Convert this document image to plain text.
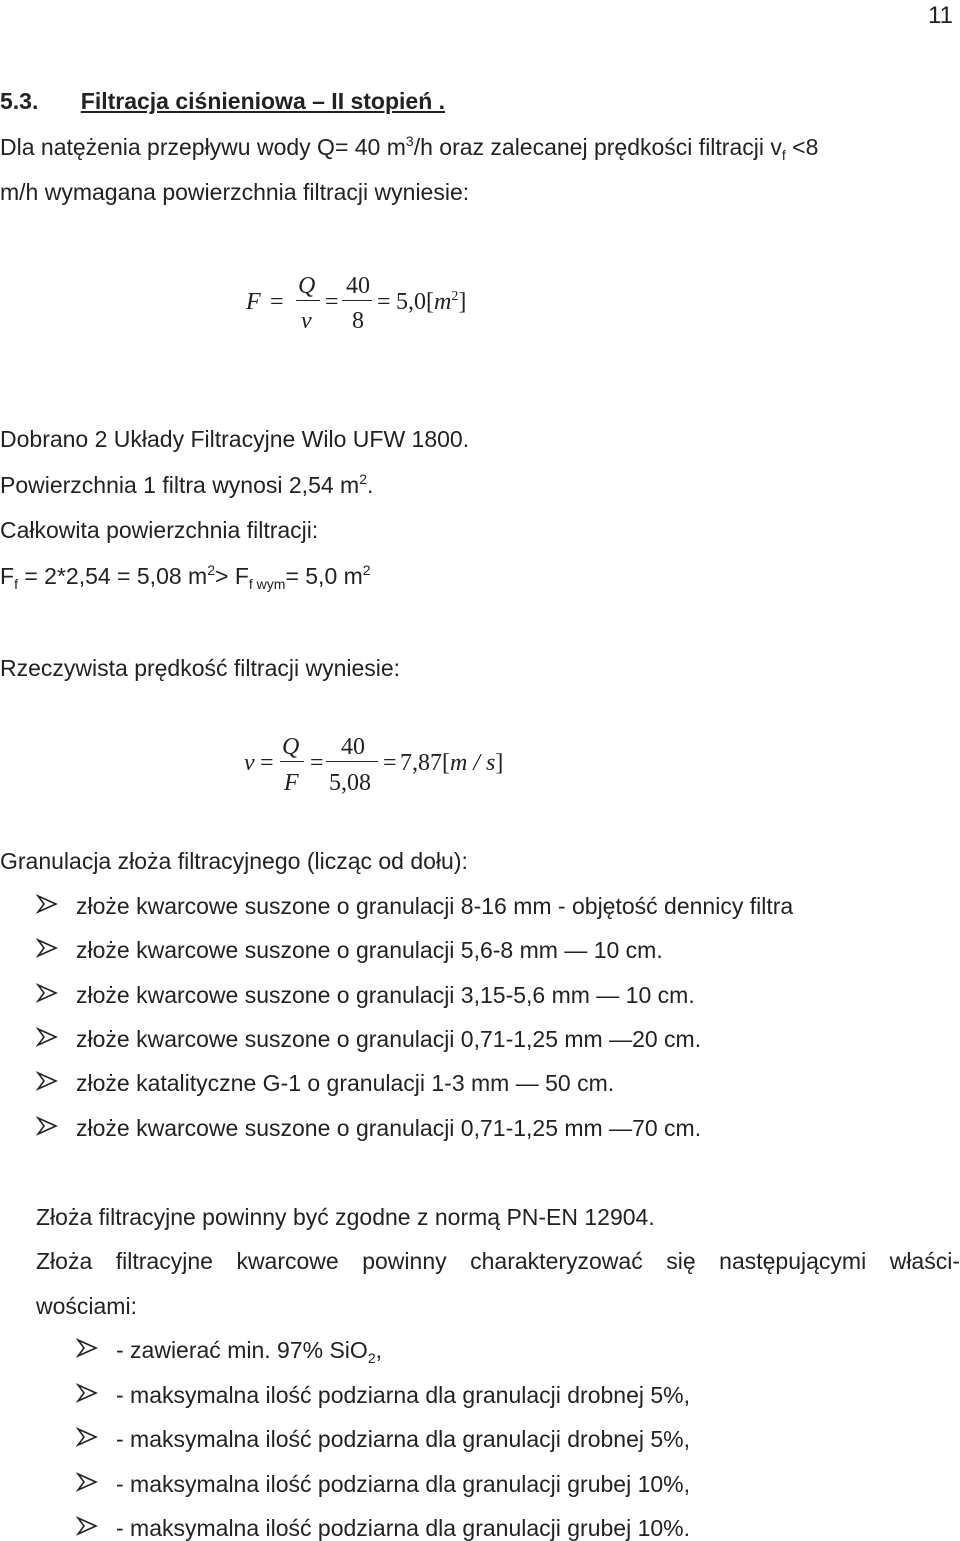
11
5.3. Filtracja ciśnieniowa – II stopień .
Dla natężenia przepływu wody Q= 40 $m^3/h$ oraz zalecanej prędkości filtracji $v_f <8$
m/h wymagana powierzchnia filtracji wyniesie:
F =
Q
v
=
40
8
= $5,0[m^2]$
Dobrano 2 Układy Filtracyjne Wilo UFW 1800.
Powierzchnia 1 filtra wynosi 2,54 $m^2$.
Całkowita powierzchnia filtracji:
$F_f = 2*2,54 = 5,08$ $m^2> F_{f wym}= 5,0$ $m^2$
Rzeczywista prędkość filtracji wyniesie:
v =
Q
F
=
40
5,08
= 7,87[m / s]
Granulacja złoża filtracyjnego (licząc od dołu):
złoże kwarcowe suszone o granulacji 8-16 mm - objętość dennicy filtra
złoże kwarcowe suszone o granulacji 5,6-8 mm — 10 cm.
złoże kwarcowe suszone o granulacji 3,15-5,6 mm — 10 cm.
złoże kwarcowe suszone o granulacji 0,71-1,25 mm —20 cm.
złoże katalityczne G-1 o granulacji 1-3 mm — 50 cm.
złoże kwarcowe suszone o granulacji 0,71-1,25 mm —70 cm.
Złoża filtracyjne powinny być zgodne z normą PN-EN 12904.
Złoża filtracyjne kwarcowe powinny charakteryzować się następującymi właści-
wościami:
- zawierać min. 97% SiO$_2$,
- maksymalna ilość podziarna dla granulacji drobnej 5%,
- maksymalna ilość podziarna dla granulacji drobnej 5%,
- maksymalna ilość podziarna dla granulacji grubej 10%,
- maksymalna ilość podziarna dla granulacji grubej 10%.
